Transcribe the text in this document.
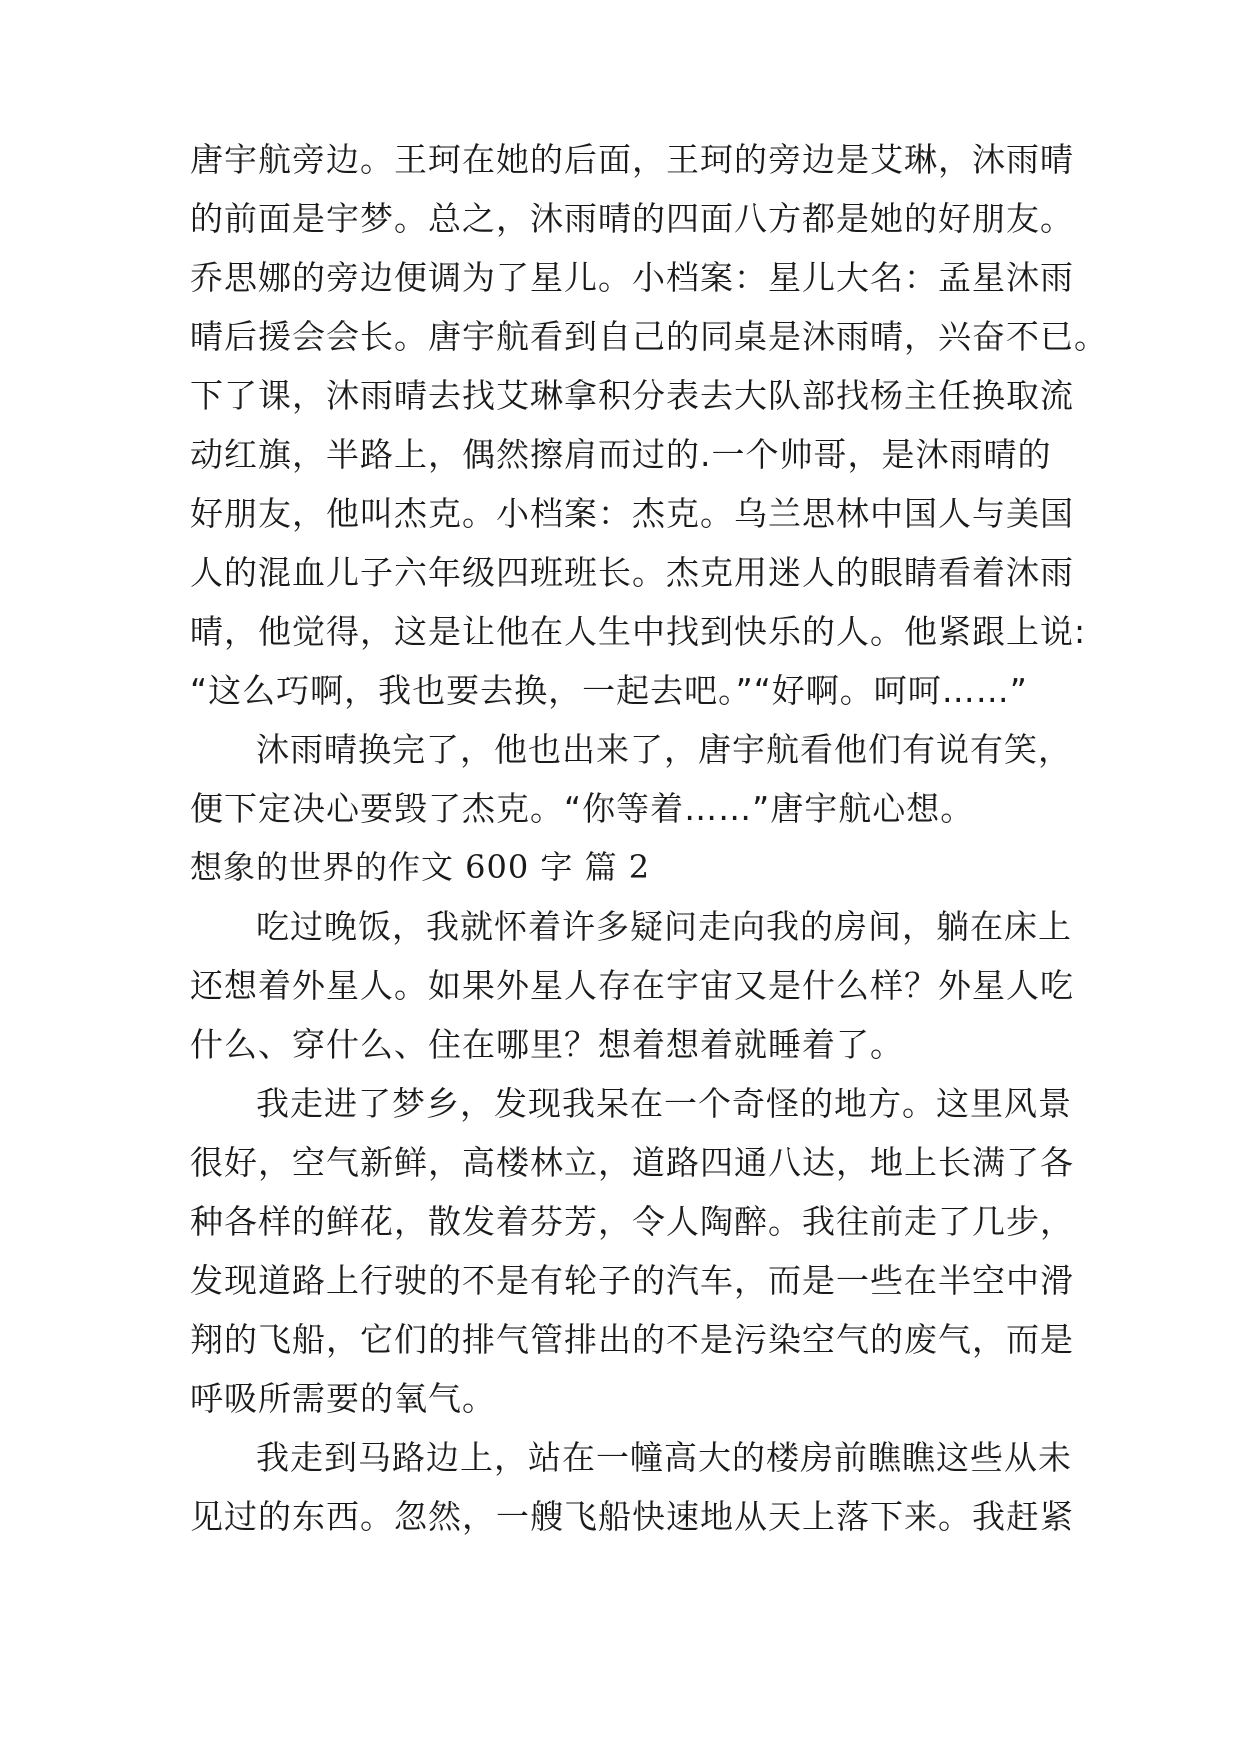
唐宇航旁边。王珂在她的后面，王珂的旁边是艾琳，沐雨晴
的前面是宇梦。总之，沐雨晴的四面八方都是她的好朋友。
乔思娜的旁边便调为了星儿。小档案：星儿大名：孟星沐雨
晴后援会会长。唐宇航看到自己的同桌是沐雨晴，兴奋不已。
下了课，沐雨晴去找艾琳拿积分表去大队部找杨主任换取流
动红旗，半路上，偶然擦肩而过的.一个帅哥，是沐雨晴的
好朋友，他叫杰克。小档案：杰克。乌兰思林中国人与美国
人的混血儿子六年级四班班长。杰克用迷人的眼睛看着沐雨
晴，他觉得，这是让他在人生中找到快乐的人。他紧跟上说:
“这么巧啊，我也要去换，一起去吧。”“好啊。呵呵……”
沐雨晴换完了，他也出来了，唐宇航看他们有说有笑，
便下定决心要毁了杰克。“你等着……”唐宇航心想。
想象的世界的作文 600 字 篇 2
吃过晚饭，我就怀着许多疑问走向我的房间，躺在床上
还想着外星人。如果外星人存在宇宙又是什么样？外星人吃
什么、穿什么、住在哪里？想着想着就睡着了。
我走进了梦乡，发现我呆在一个奇怪的地方。这里风景
很好，空气新鲜，高楼林立，道路四通八达，地上长满了各
种各样的鲜花，散发着芬芳，令人陶醉。我往前走了几步，
发现道路上行驶的不是有轮子的汽车，而是一些在半空中滑
翔的飞船，它们的排气管排出的不是污染空气的废气，而是
呼吸所需要的氧气。
我走到马路边上，站在一幢高大的楼房前瞧瞧这些从未
见过的东西。忽然，一艘飞船快速地从天上落下来。我赶紧
